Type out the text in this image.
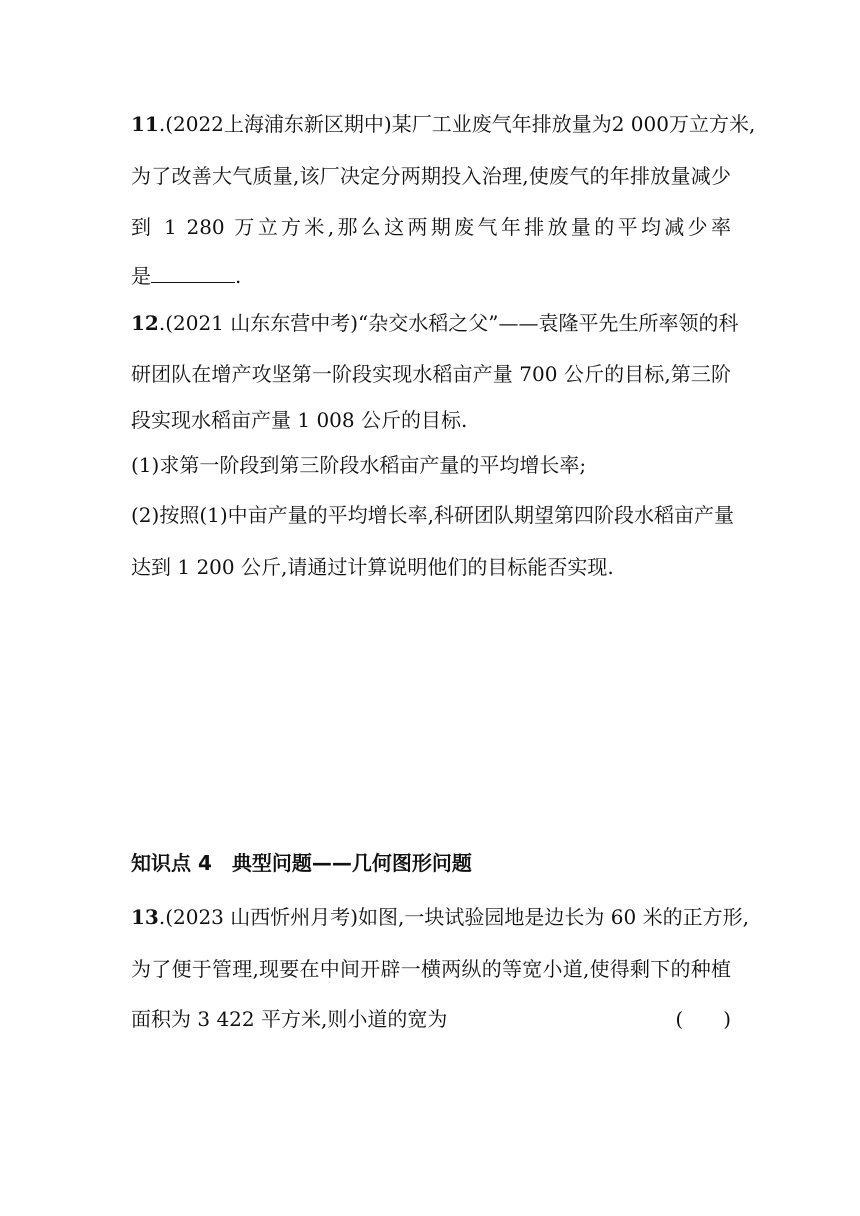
11.(2022上海浦东新区期中)某厂工业废气年排放量为2 000万立方米,
为了改善大气质量,该厂决定分两期投入治理,使废气的年排放量减少
到 1 280 万立方米,那么这两期废气年排放量的平均减少率
是	.
12.(2021 山东东营中考)“杂交水稻之父”——袁隆平先生所率领的科
研团队在增产攻坚第一阶段实现水稻亩产量 700 公斤的目标,第三阶
段实现水稻亩产量 1 008 公斤的目标.
(1)求第一阶段到第三阶段水稻亩产量的平均增长率;
(2)按照(1)中亩产量的平均增长率,科研团队期望第四阶段水稻亩产量
达到 1 200 公斤,请通过计算说明他们的目标能否实现.
知识点 4　典型问题——几何图形问题
13.(2023 山西忻州月考)如图,一块试验园地是边长为 60 米的正方形,
为了便于管理,现要在中间开辟一横两纵的等宽小道,使得剩下的种植
面积为 3 422 平方米,则小道的宽为	(　　)
